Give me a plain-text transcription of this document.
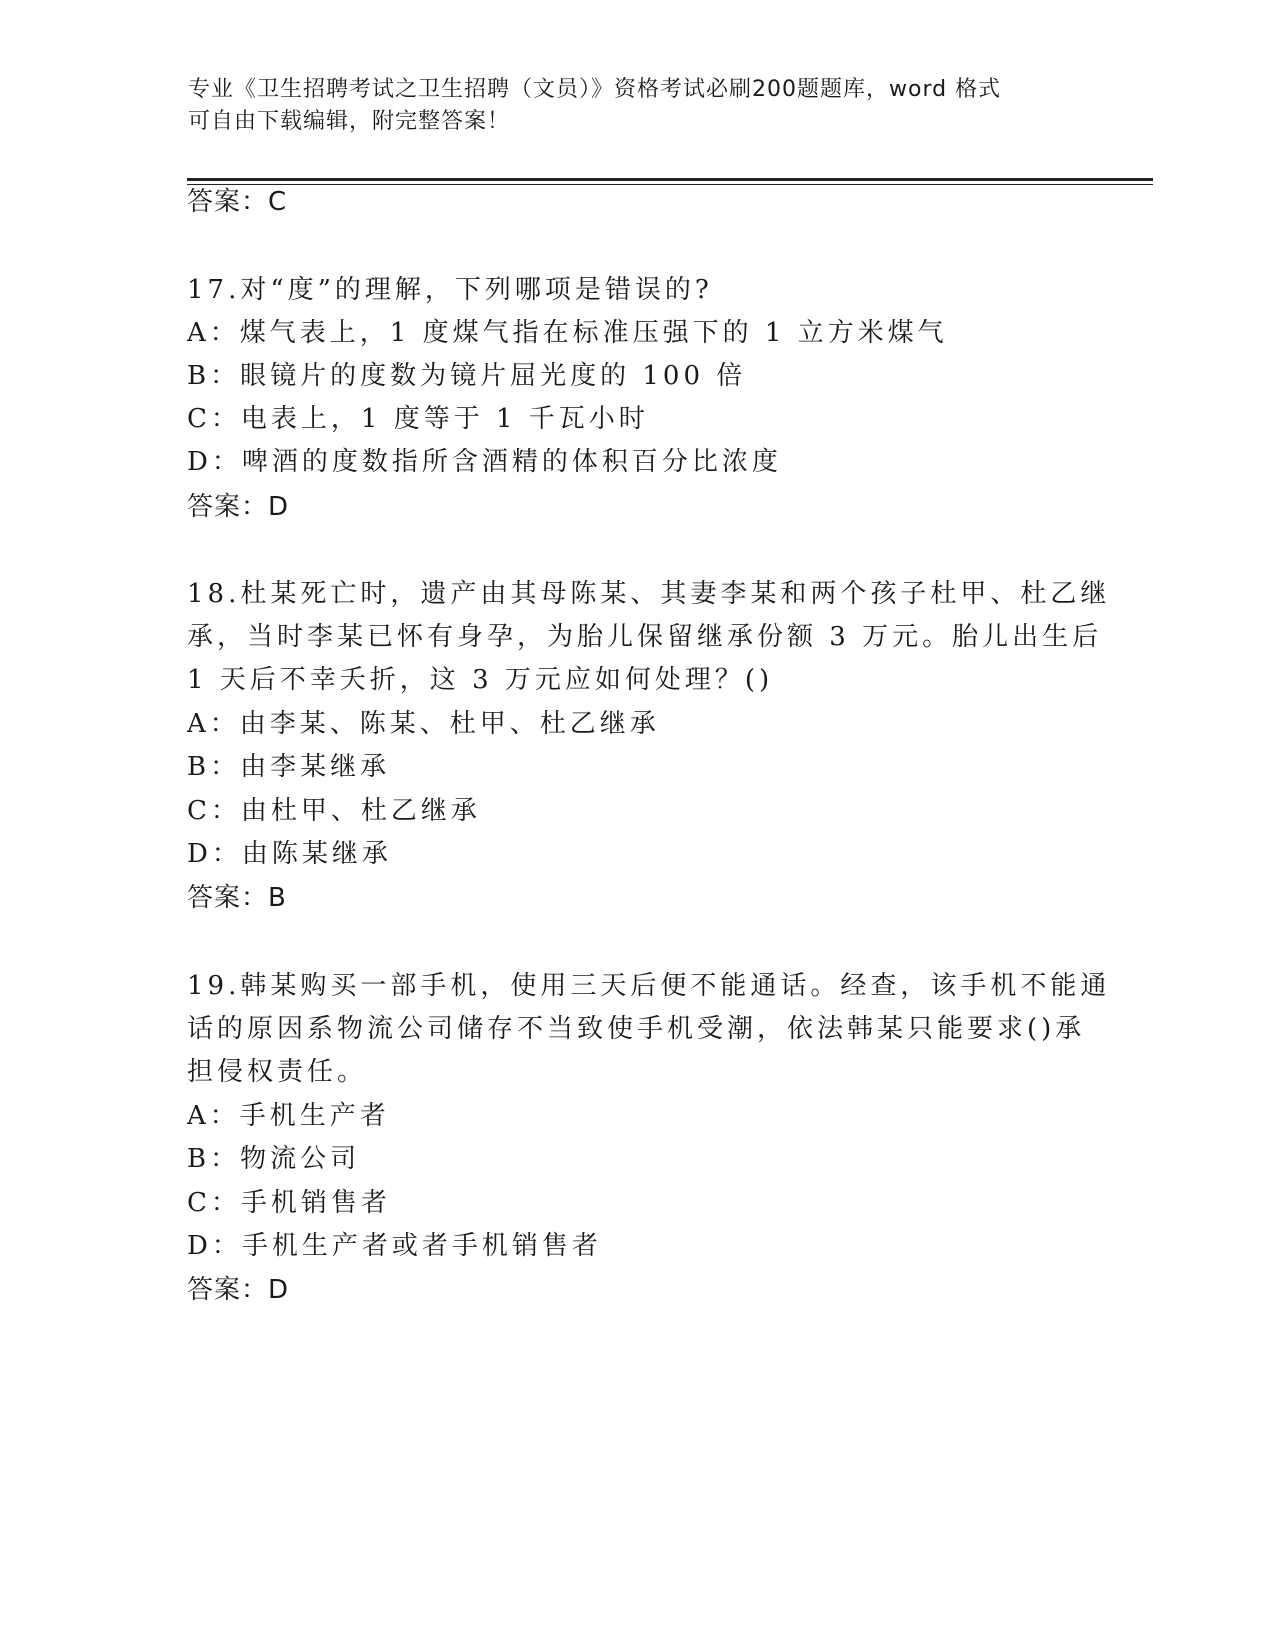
专业《卫生招聘考试之卫生招聘（文员）》资格考试必刷200题题库，word 格式
可自由下载编辑，附完整答案！
答案：C
17.对“度”的理解，下列哪项是错误的?
A：煤气表上，1 度煤气指在标准压强下的 1 立方米煤气
B：眼镜片的度数为镜片屈光度的 100 倍
C：电表上，1 度等于 1 千瓦小时
D：啤酒的度数指所含酒精的体积百分比浓度
答案：D
18.杜某死亡时，遗产由其母陈某、其妻李某和两个孩子杜甲、杜乙继
承，当时李某已怀有身孕，为胎儿保留继承份额 3 万元。胎儿出生后
1 天后不幸夭折，这 3 万元应如何处理？()
A：由李某、陈某、杜甲、杜乙继承
B：由李某继承
C：由杜甲、杜乙继承
D：由陈某继承
答案：B
19.韩某购买一部手机，使用三天后便不能通话。经查，该手机不能通
话的原因系物流公司储存不当致使手机受潮，依法韩某只能要求()承
担侵权责任。
A：手机生产者
B：物流公司
C：手机销售者
D：手机生产者或者手机销售者
答案：D
